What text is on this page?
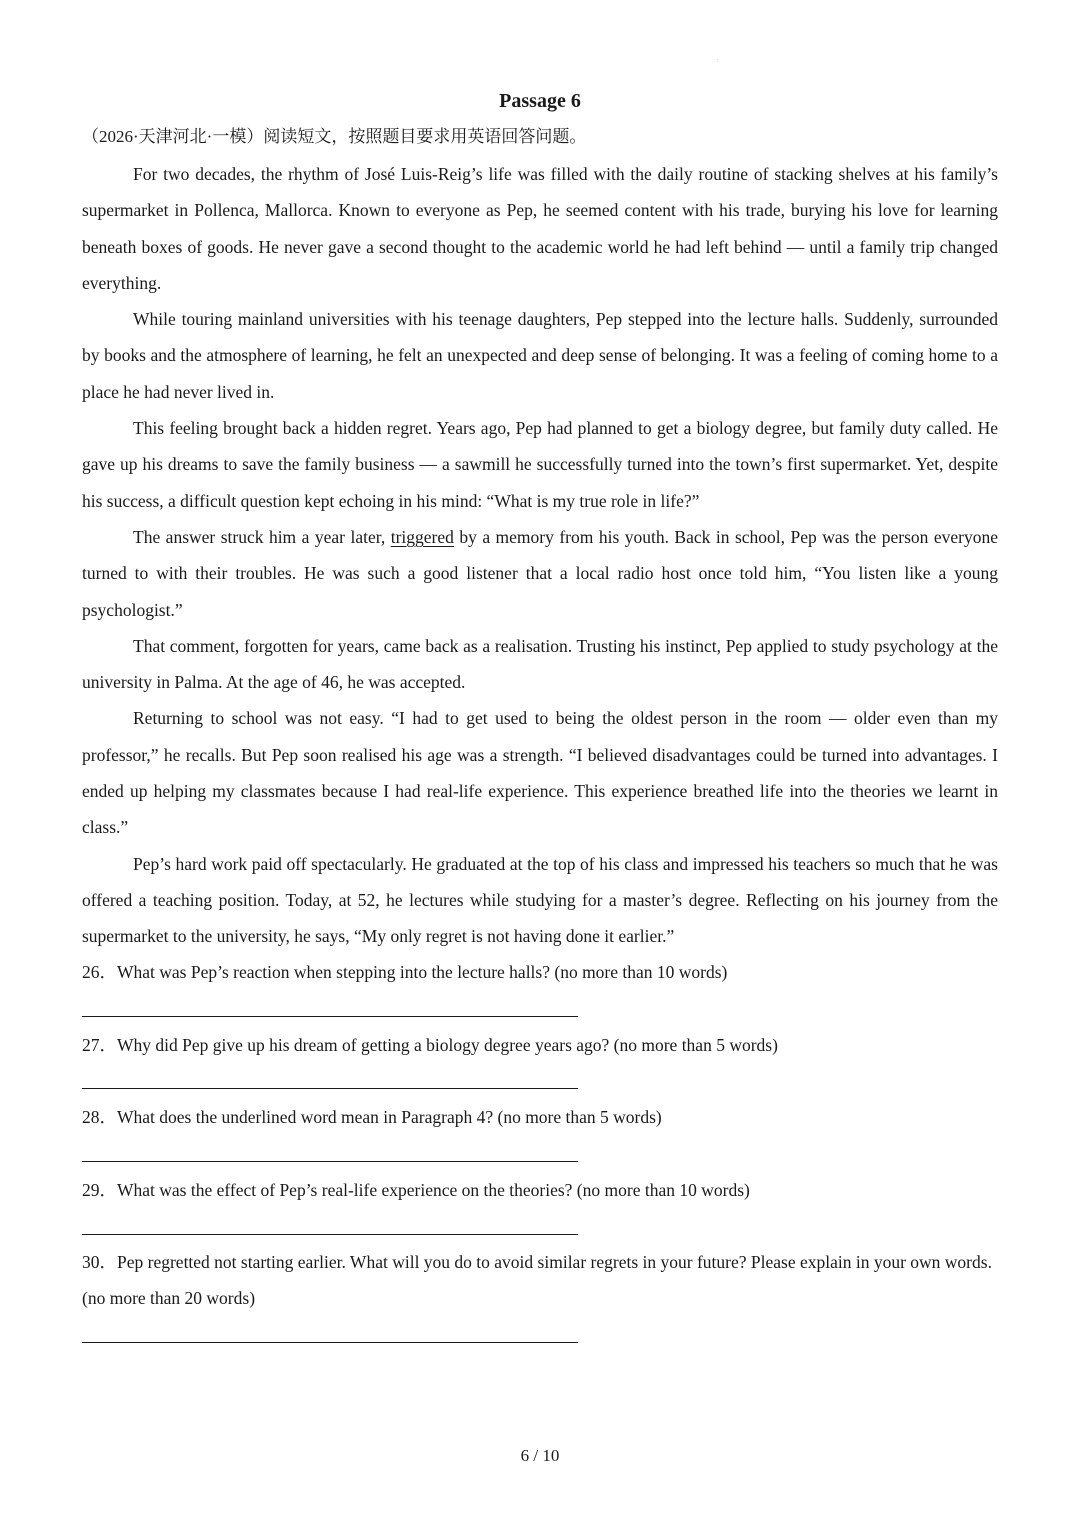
:
Passage 6
（2026·天津河北·一模）阅读短文，按照题目要求用英语回答问题。

For two decades, the rhythm of José Luis-Reig’s life was filled with the daily routine of stacking shelves at his family’s supermarket in Pollenca, Mallorca. Known to everyone as Pep, he seemed content with his trade, burying his love for learning beneath boxes of goods. He never gave a second thought to the academic world he had left behind — until a family trip changed everything.

While touring mainland universities with his teenage daughters, Pep stepped into the lecture halls. Suddenly, surrounded by books and the atmosphere of learning, he felt an unexpected and deep sense of belonging. It was a feeling of coming home to a place he had never lived in.

This feeling brought back a hidden regret. Years ago, Pep had planned to get a biology degree, but family duty called. He gave up his dreams to save the family business — a sawmill he successfully turned into the town’s first supermarket. Yet, despite his success, a difficult question kept echoing in his mind: “What is my true role in life?”

The answer struck him a year later, triggered by a memory from his youth. Back in school, Pep was the person everyone turned to with their troubles. He was such a good listener that a local radio host once told him, “You listen like a young psychologist.”

That comment, forgotten for years, came back as a realisation. Trusting his instinct, Pep applied to study psychology at the university in Palma. At the age of 46, he was accepted.

Returning to school was not easy. “I had to get used to being the oldest person in the room — older even than my professor,” he recalls. But Pep soon realised his age was a strength. “I believed disadvantages could be turned into advantages. I ended up helping my classmates because I had real-life experience. This experience breathed life into the theories we learnt in class.”

Pep’s hard work paid off spectacularly. He graduated at the top of his class and impressed his teachers so much that he was offered a teaching position. Today, at 52, he lectures while studying for a master’s degree. Reflecting on his journey from the supermarket to the university, he says, “My only regret is not having done it earlier.”

26．What was Pep’s reaction when stepping into the lecture halls? (no more than 10 words)
27．Why did Pep give up his dream of getting a biology degree years ago? (no more than 5 words)
28．What does the underlined word mean in Paragraph 4? (no more than 5 words)
29．What was the effect of Pep’s real-life experience on the theories? (no more than 10 words)
30．Pep regretted not starting earlier. What will you do to avoid similar regrets in your future? Please explain in your own words. (no more than 20 words)
6 / 10
